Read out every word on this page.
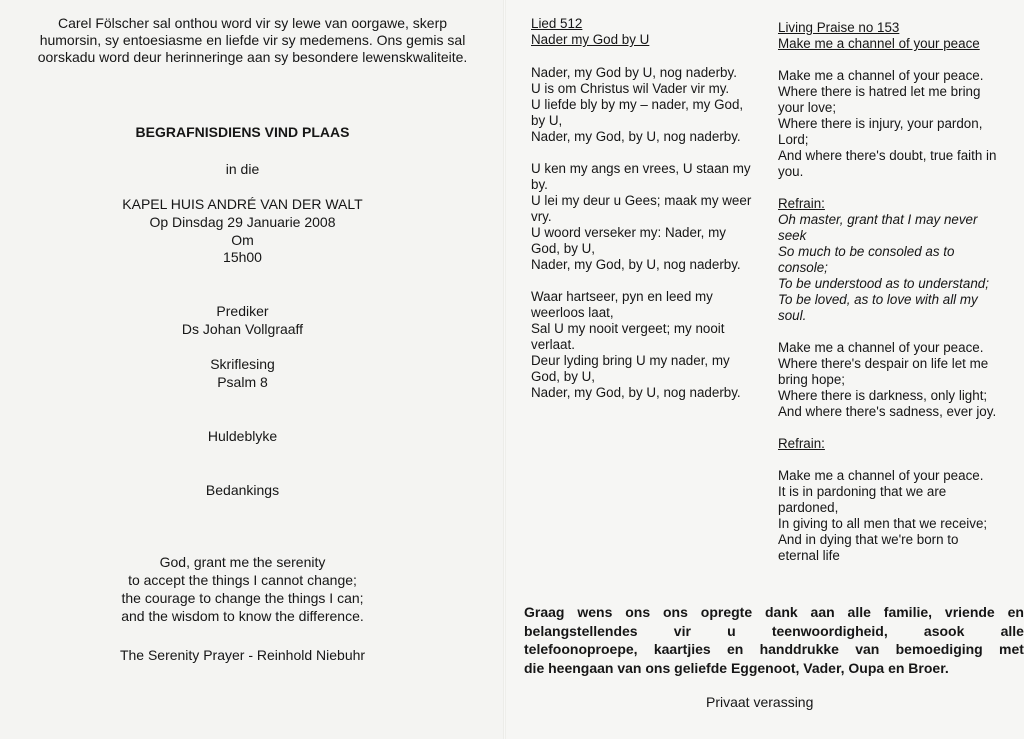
Carel Fölscher sal onthou word vir sy lewe van oorgawe, skerp
humorsin, sy entoesiasme en liefde vir sy medemens. Ons gemis sal
oorskadu word deur herinneringe aan sy besondere lewenskwaliteite.
BEGRAFNISDIENS VIND PLAAS
in die
KAPEL HUIS ANDRÉ VAN DER WALT
Op Dinsdag 29 Januarie 2008
Om
15h00
Prediker
Ds Johan Vollgraaff
Skriflesing
Psalm 8
Huldeblyke
Bedankings
God, grant me the serenity
to accept the things I cannot change;
the courage to change the things I can;
and the wisdom to know the difference.
The Serenity Prayer - Reinhold Niebuhr
Lied 512
Nader my God by U
Nader, my God by U, nog naderby.
U is om Christus wil Vader vir my.
U liefde bly by my – nader, my God,
by U,
Nader, my God, by U, nog naderby.
U ken my angs en vrees, U staan my
by.
U lei my deur u Gees; maak my weer
vry.
U woord verseker my: Nader, my
God, by U,
Nader, my God, by U, nog naderby.
Waar hartseer, pyn en leed my
weerloos laat,
Sal U my nooit vergeet; my nooit
verlaat.
Deur lyding bring U my nader, my
God, by U,
Nader, my God, by U, nog naderby.
Living Praise no 153
Make me a channel of your peace
Make me a channel of your peace.
Where there is hatred let me bring
your love;
Where there is injury, your pardon,
Lord;
And where there's doubt, true faith in
you.
Refrain:
Oh master, grant that I may never
seek
So much to be consoled as to
console;
To be understood as to understand;
To be loved, as to love with all my
soul.
Make me a channel of your peace.
Where there's despair on life let me
bring hope;
Where there is darkness, only light;
And where there's sadness, ever joy.
Refrain:
Make me a channel of your peace.
It is in pardoning that we are
pardoned,
In giving to all men that we receive;
And in dying that we're born to
eternal life
Graag wens ons ons opregte dank aan alle familie, vriende en
belangstellendes	vir	u	teenwoordigheid,	asook	alle
telefoonoproepe, kaartjies en handdrukke van bemoediging met
die heengaan van ons geliefde Eggenoot, Vader, Oupa en Broer.
Privaat verassing
